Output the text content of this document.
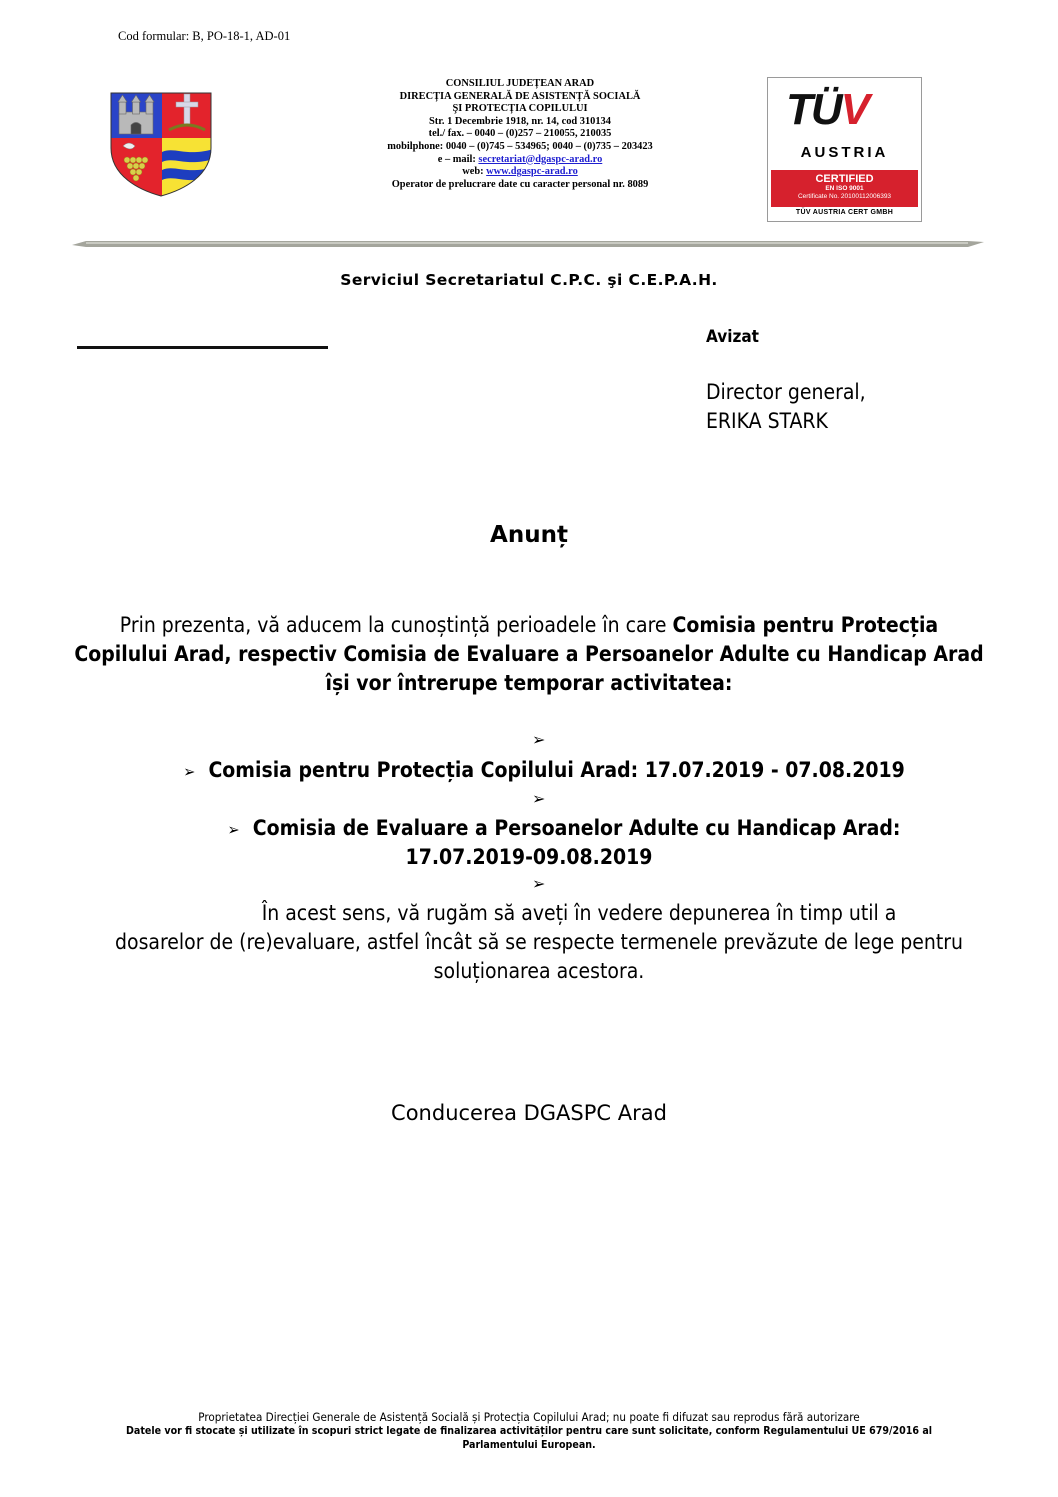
Cod formular: B, PO-18-1, AD-01
CONSILIUL JUDEȚEAN ARAD
DIRECȚIA GENERALĂ DE ASISTENȚĂ SOCIALĂ
ŞI PROTECȚIA COPILULUI
Str. 1 Decembrie 1918, nr. 14, cod 310134
tel./ fax. – 0040 – (0)257 – 210055, 210035
mobilphone: 0040 – (0)745 – 534965; 0040 – (0)735 – 203423
e – mail: secretariat@dgaspc-arad.ro
web: www.dgaspc-arad.ro
Operator de prelucrare date cu caracter personal nr. 8089
TÜV
AUSTRIA
CERTIFIED
EN ISO 9001
Certificate No. 20100112006393
TÜV AUSTRIA CERT GMBH
Serviciul Secretariatul C.P.C. şi C.E.P.A.H.
Avizat
Director general,
ERIKA STARK
Anunț
Prin prezenta, vă aducem la cunoștință perioadele în care Comisia pentru Protecția Copilului Arad, respectiv Comisia de Evaluare a Persoanelor Adulte cu Handicap Arad își vor întrerupe temporar activitatea:
➢
➢ Comisia pentru Protecția Copilului Arad: 17.07.2019 - 07.08.2019
➢
➢ Comisia de Evaluare a Persoanelor Adulte cu Handicap Arad:
17.07.2019-09.08.2019
➢
În acest sens, vă rugăm să aveți în vedere depunerea în timp util a
dosarelor de (re)evaluare, astfel încât să se respecte termenele prevăzute de lege pentru soluționarea acestora.
Conducerea DGASPC Arad
Proprietatea Direcției Generale de Asistență Socială și Protecția Copilului Arad; nu poate fi difuzat sau reprodus fără autorizare
Datele vor fi stocate și utilizate în scopuri strict legate de finalizarea activităților pentru care sunt solicitate, conform Regulamentului UE 679/2016 al
Parlamentului European.
